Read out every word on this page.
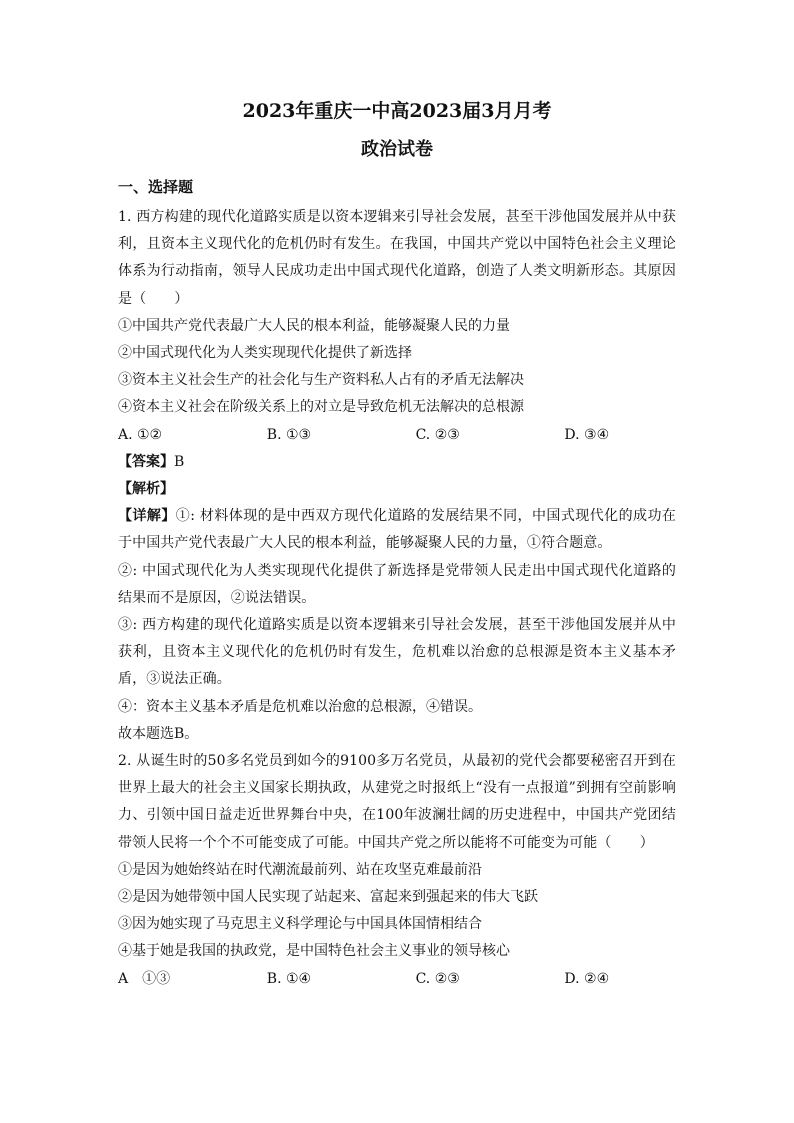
2023年重庆一中高2023届3月月考
政治试卷
一、选择题

1. 西方构建的现代化道路实质是以资本逻辑来引导社会发展，甚至干涉他国发展并从中获利，且资本主义现代化的危机仍时有发生。在我国，中国共产党以中国特色社会主义理论体系为行动指南，领导人民成功走出中国式现代化道路，创造了人类文明新形态。其原因是（　　）

①中国共产党代表最广大人民的根本利益，能够凝聚人民的力量

②中国式现代化为人类实现现代化提供了新选择

③资本主义社会生产的社会化与生产资料私人占有的矛盾无法解决

④资本主义社会在阶级关系上的对立是导致危机无法解决的总根源

A. ①②	B. ①③	C. ②③	D. ③④

【答案】B

【解析】

【详解】①: 材料体现的是中西双方现代化道路的发展结果不同，中国式现代化的成功在于中国共产党代表最广大人民的根本利益，能够凝聚人民的力量，①符合题意。

②: 中国式现代化为人类实现现代化提供了新选择是党带领人民走出中国式现代化道路的结果而不是原因，②说法错误。

③: 西方构建的现代化道路实质是以资本逻辑来引导社会发展，甚至干涉他国发展并从中获利，且资本主义现代化的危机仍时有发生，危机难以治愈的总根源是资本主义基本矛盾，③说法正确。

④：资本主义基本矛盾是危机难以治愈的总根源，④错误。

故本题选B。

2. 从诞生时的50多名党员到如今的9100多万名党员，从最初的党代会都要秘密召开到在世界上最大的社会主义国家长期执政，从建党之时报纸上“没有一点报道”到拥有空前影响力、引领中国日益走近世界舞台中央，在100年波澜壮阔的历史进程中，中国共产党团结带领人民将一个个不可能变成了可能。中国共产党之所以能将不可能变为可能（　　）

①是因为她始终站在时代潮流最前列、站在攻坚克难最前沿

②是因为她带领中国人民实现了站起来、富起来到强起来的伟大飞跃

③因为她实现了马克思主义科学理论与中国具体国情相结合

④基于她是我国的执政党，是中国特色社会主义事业的领导核心

A　①③	B. ①④	C. ②③	D. ②④
